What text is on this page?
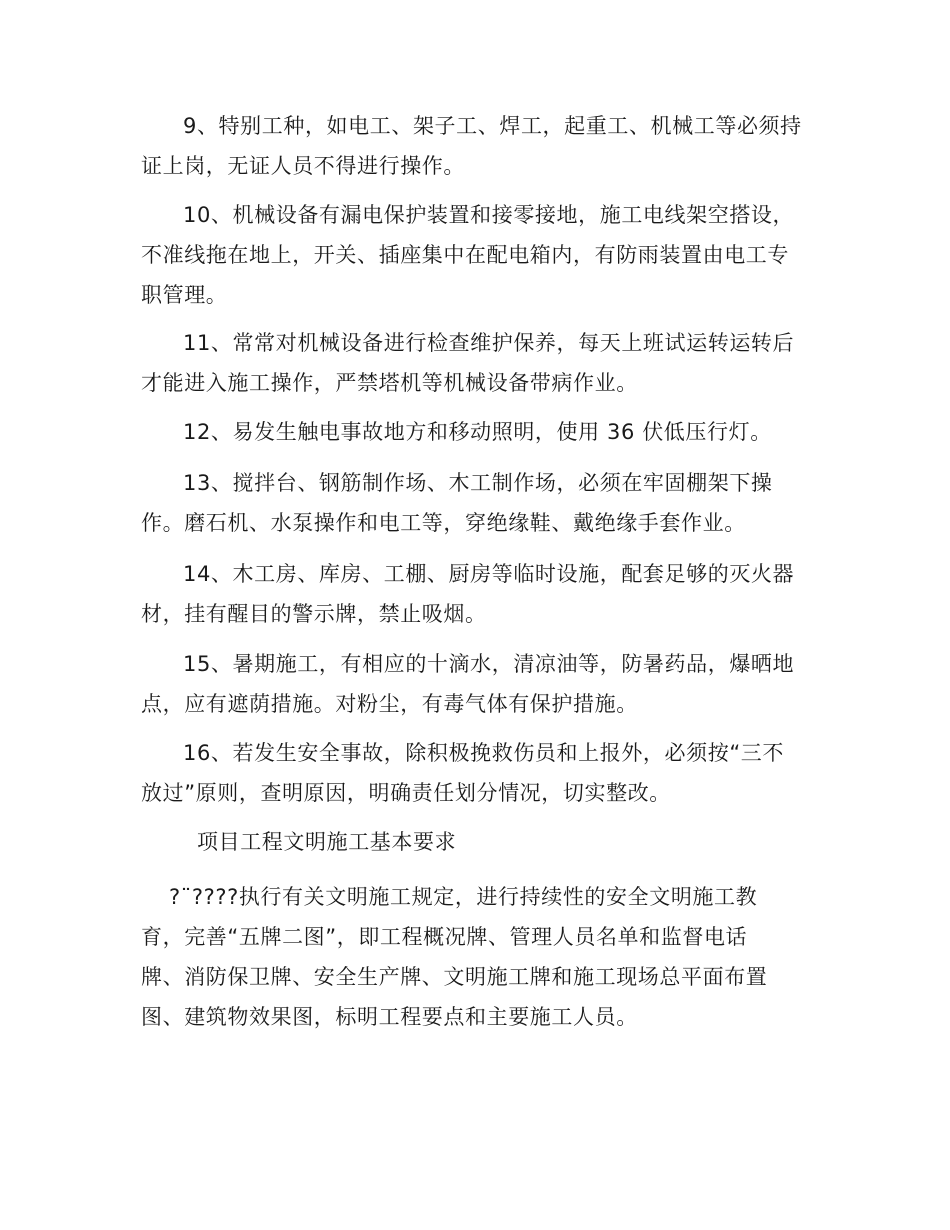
9、特别工种，如电工、架子工、焊工，起重工、机械工等必须持
证上岗，无证人员不得进行操作。
10、机械设备有漏电保护装置和接零接地，施工电线架空搭设，
不准线拖在地上，开关、插座集中在配电箱内，有防雨装置由电工专
职管理。
11、常常对机械设备进行检查维护保养，每天上班试运转运转后
才能进入施工操作，严禁塔机等机械设备带病作业。
12、易发生触电事故地方和移动照明，使用 36 伏低压行灯。
13、搅拌台、钢筋制作场、木工制作场，必须在牢固棚架下操
作。磨石机、水泵操作和电工等，穿绝缘鞋、戴绝缘手套作业。
14、木工房、库房、工棚、厨房等临时设施，配套足够的灭火器
材，挂有醒目的警示牌，禁止吸烟。
15、暑期施工，有相应的十滴水，清凉油等，防暑药品，爆晒地
点，应有遮荫措施。对粉尘，有毒气体有保护措施。
16、若发生安全事故，除积极挽救伤员和上报外，必须按“三不
放过”原则，查明原因，明确责任划分情况，切实整改。
项目工程文明施工基本要求
?¨????执行有关文明施工规定，进行持续性的安全文明施工教
育，完善“五牌二图”，即工程概况牌、管理人员名单和监督电话
牌、消防保卫牌、安全生产牌、文明施工牌和施工现场总平面布置
图、建筑物效果图，标明工程要点和主要施工人员。
